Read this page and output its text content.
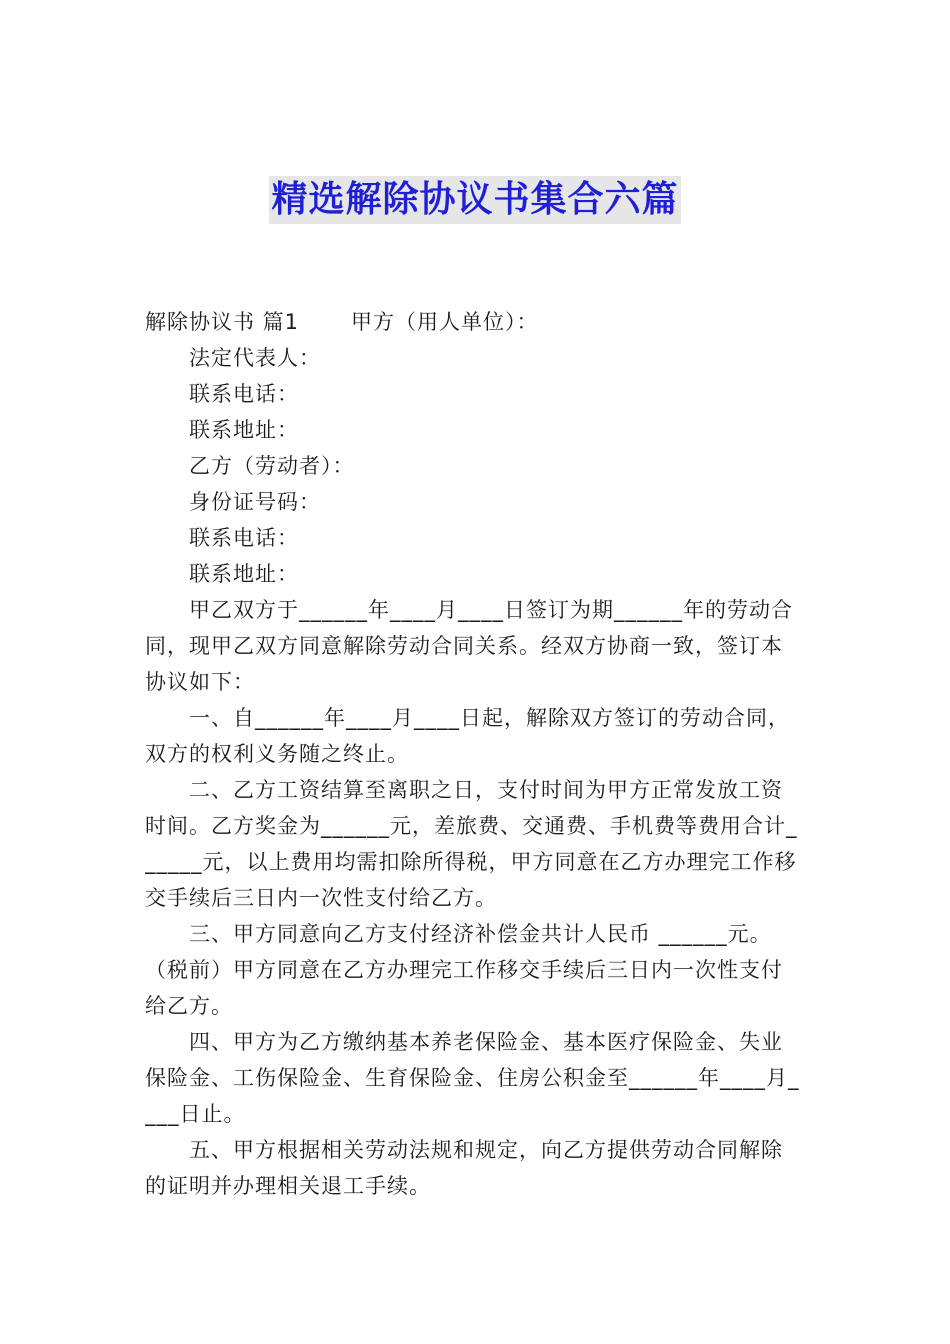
精选解除协议书集合六篇

解除协议书 篇1 甲方（用人单位）：

法定代表人：

联系电话：

联系地址：

乙方（劳动者）：

身份证号码：

联系电话：

联系地址：

甲乙双方于______年____月____日签订为期______年的劳动合

同，现甲乙双方同意解除劳动合同关系。经双方协商一致，签订本

协议如下：

一、自______年____月____日起，解除双方签订的劳动合同，

双方的权利义务随之终止。

二、乙方工资结算至离职之日，支付时间为甲方正常发放工资

时间。乙方奖金为______元，差旅费、交通费、手机费等费用合计_

_____元，以上费用均需扣除所得税，甲方同意在乙方办理完工作移

交手续后三日内一次性支付给乙方。

三、甲方同意向乙方支付经济补偿金共计人民币 ______元。

（税前）甲方同意在乙方办理完工作移交手续后三日内一次性支付

给乙方。

四、甲方为乙方缴纳基本养老保险金、基本医疗保险金、失业

保险金、工伤保险金、生育保险金、住房公积金至______年____月_

___日止。

五、甲方根据相关劳动法规和规定，向乙方提供劳动合同解除

的证明并办理相关退工手续。
